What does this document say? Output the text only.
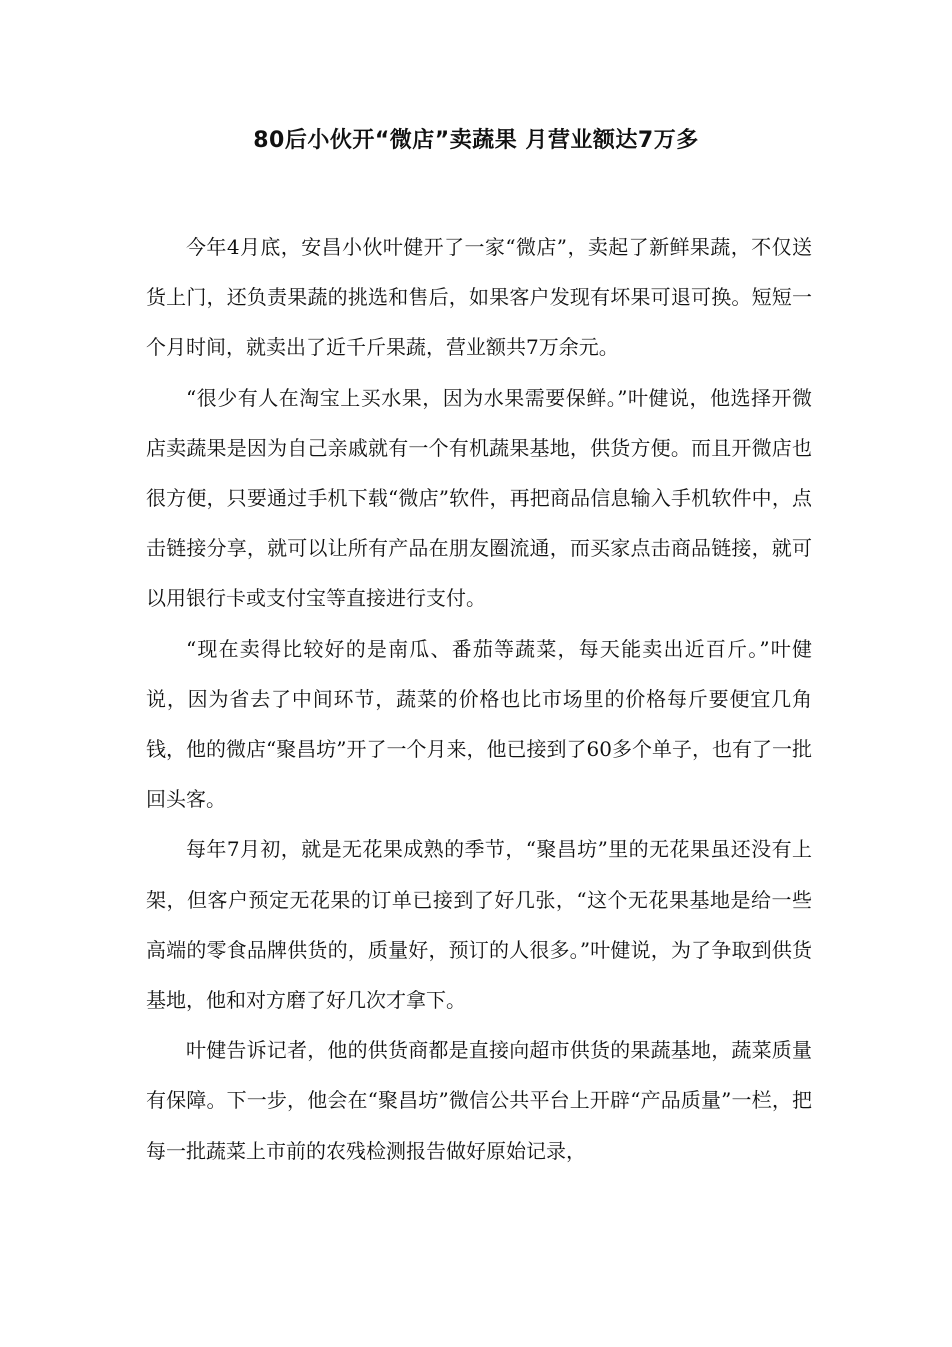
80后小伙开“微店”卖蔬果 月营业额达7万多

今年4月底，安昌小伙叶健开了一家“微店”，卖起了新鲜果蔬，不仅送货上门，还负责果蔬的挑选和售后，如果客户发现有坏果可退可换。短短一个月时间，就卖出了近千斤果蔬，营业额共7万余元。

“很少有人在淘宝上买水果，因为水果需要保鲜。”叶健说，他选择开微店卖蔬果是因为自己亲戚就有一个有机蔬果基地，供货方便。而且开微店也很方便，只要通过手机下载“微店”软件，再把商品信息输入手机软件中，点击链接分享，就可以让所有产品在朋友圈流通，而买家点击商品链接，就可以用银行卡或支付宝等直接进行支付。

“现在卖得比较好的是南瓜、番茄等蔬菜，每天能卖出近百斤。”叶健说，因为省去了中间环节，蔬菜的价格也比市场里的价格每斤要便宜几角钱，他的微店“聚昌坊”开了一个月来，他已接到了60多个单子，也有了一批回头客。

每年7月初，就是无花果成熟的季节，“聚昌坊”里的无花果虽还没有上架，但客户预定无花果的订单已接到了好几张，“这个无花果基地是给一些高端的零食品牌供货的，质量好，预订的人很多。”叶健说，为了争取到供货基地，他和对方磨了好几次才拿下。

叶健告诉记者，他的供货商都是直接向超市供货的果蔬基地，蔬菜质量有保障。下一步，他会在“聚昌坊”微信公共平台上开辟“产品质量”一栏，把每一批蔬菜上市前的农残检测报告做好原始记录，
